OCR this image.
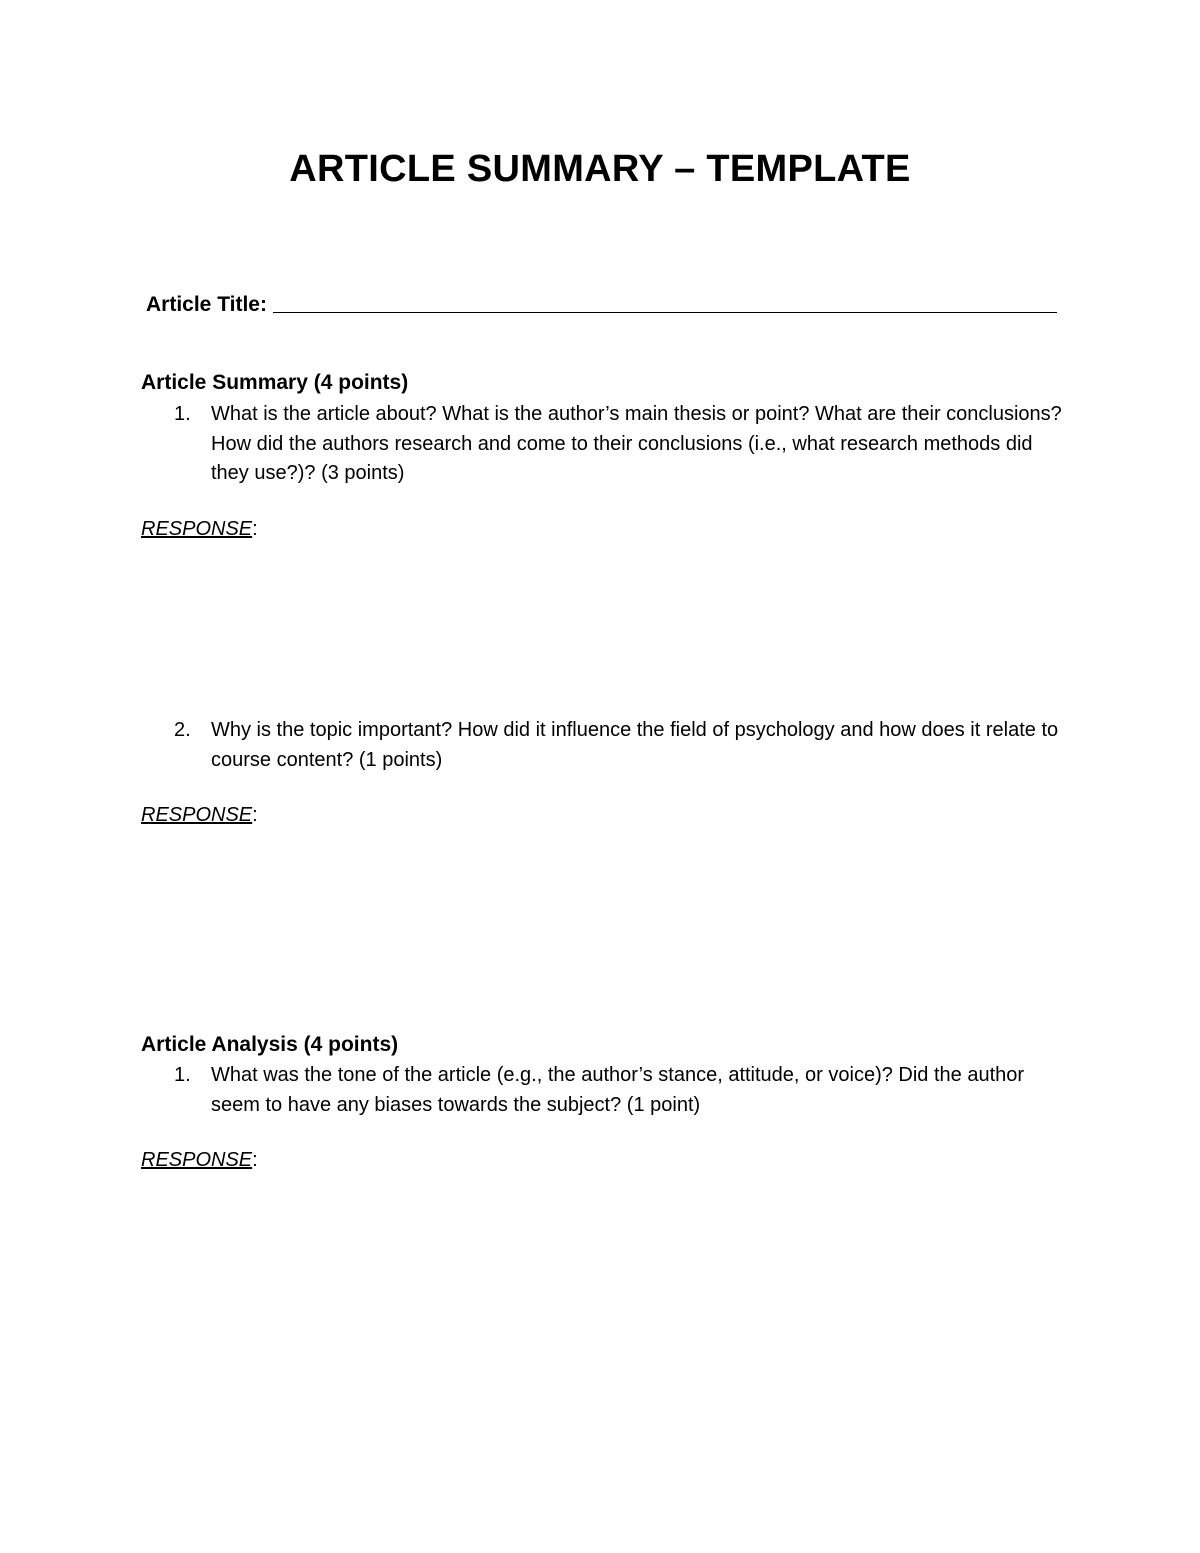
ARTICLE SUMMARY – TEMPLATE
Article Title:
Article Summary (4 points)
1.	What is the article about? What is the author’s main thesis or point? What are their conclusions? How did the authors research and come to their conclusions (i.e., what research methods did they use?)? (3 points)
RESPONSE:
2.	Why is the topic important? How did it influence the field of psychology and how does it relate to course content? (1 points)
RESPONSE:
Article Analysis (4 points)
1.	What was the tone of the article (e.g., the author’s stance, attitude, or voice)? Did the author seem to have any biases towards the subject? (1 point)
RESPONSE:
